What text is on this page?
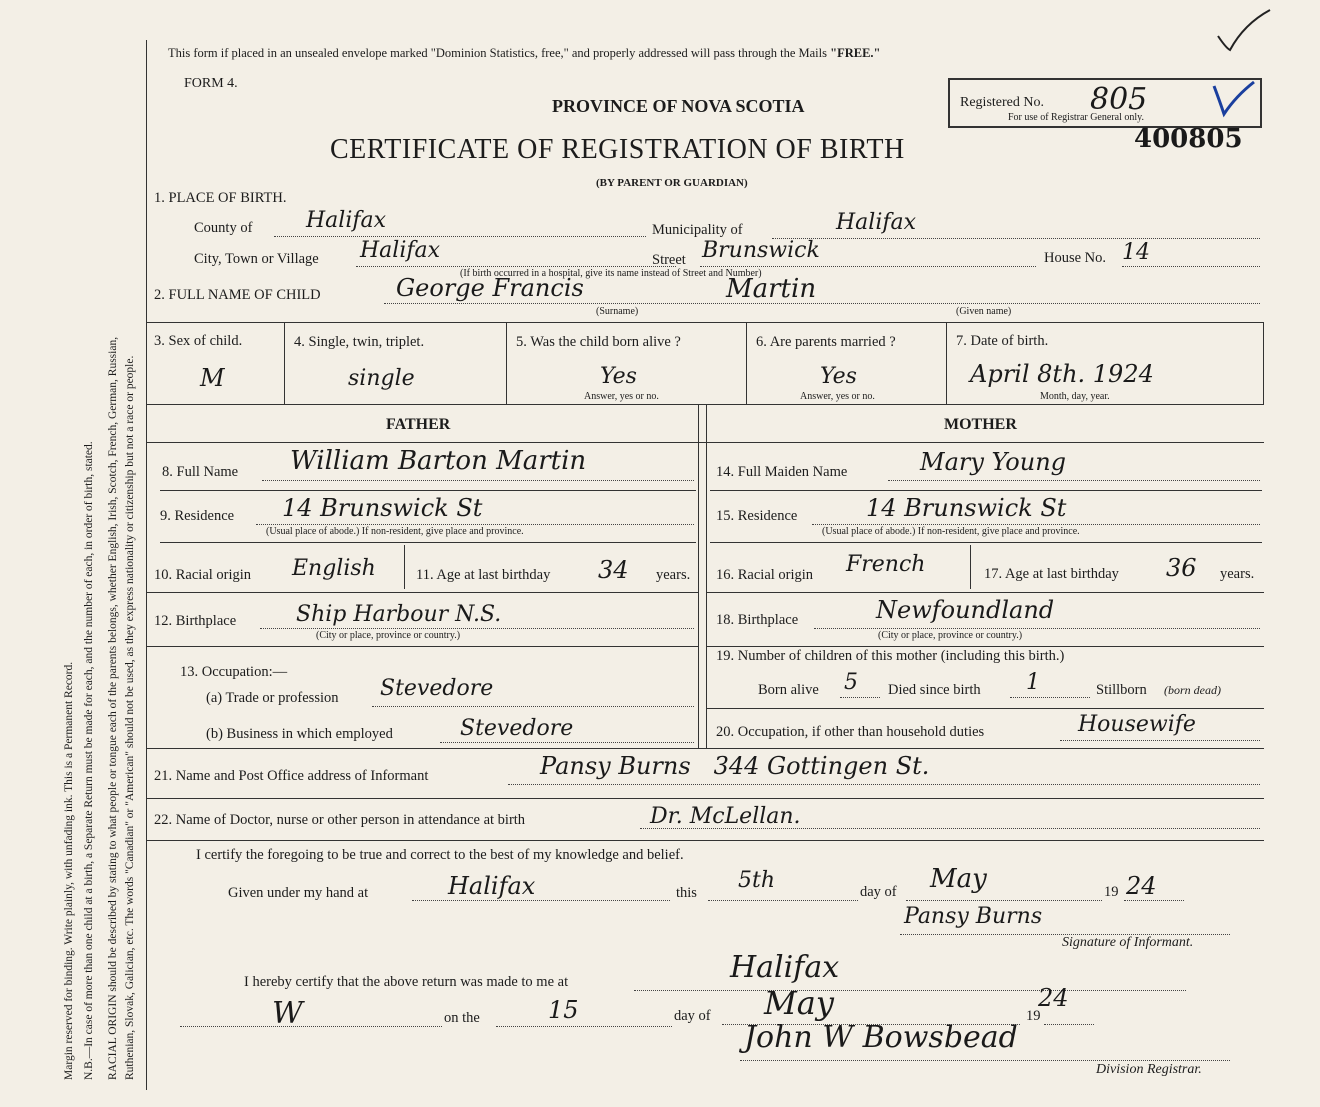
Margin reserved for binding. Write plainly, with unfading ink. This is a Permanent Record. N.B.—In case of more than one child at a birth, a Separate Return must be made for each, and the number of each, in order of birth, stated. RACIAL ORIGIN should be described by stating to what people or tongue each of the parents belongs, whether English, Irish, Scotch, French, German, Russian, Ruthenian, Slovak, Galician, etc. The words "Canadian" or "American" should not be used, as they express nationality or citizenship but not a race or people.
This form if placed in an unsealed envelope marked "Dominion Statistics, free," and properly addressed will pass through the Mails "FREE."
FORM 4.
PROVINCE OF NOVA SCOTIA
CERTIFICATE OF REGISTRATION OF BIRTH
(BY PARENT OR GUARDIAN)
Registered No. 805
For use of Registrar General only.
400805
1. PLACE OF BIRTH.
County of Halifax	Municipality of	Halifax
City, Town or Village Halifax	Street Brunswick	House No. 14
(If birth occurred in a hospital, give its name instead of Street and Number)
2. FULL NAME OF CHILD	George Francis	Martin
(Surname)	(Given name)
3. Sex of child.
M
4. Single, twin, triplet.
single
5. Was the child born alive ?
Yes
Answer, yes or no.
6. Are parents married ?
Yes
Answer, yes or no.
7. Date of birth.
April 8th. 1924
Month, day, year.
FATHER	MOTHER
8. Full Name William Barton Martin	14. Full Maiden Name	Mary Young
9. Residence 14 Brunswick St
(Usual place of abode.) If non-resident, give place and province.
15. Residence	14 Brunswick St
(Usual place of abode.) If non-resident, give place and province.
10. Racial origin English	11. Age at last birthday 34 years. 16. Racial origin French	17. Age at last birthday 36 years.
12. Birthplace	Ship Harbour N.S.
(City or place, province or country.)
18. Birthplace	Newfoundland
(City or place, province or country.)
13. Occupation:—
(a) Trade or profession Stevedore
(b) Business in which employed	Stevedore
19. Number of children of this mother (including this birth.)
Born alive 5 Died since birth 1	Stillborn (born dead)
20. Occupation, if other than household duties	Housewife
21. Name and Post Office address of Informant	Pansy Burns   344 Gottingen St.
22. Name of Doctor, nurse or other person in attendance at birth	Dr. McLellan.
I certify the foregoing to be true and correct to the best of my knowledge and belief.
Given under my hand at	Halifax	this 5th	day of May	19 24
Pansy Burns
Signature of Informant.
I hereby certify that the above return was made to me at	Halifax
W	on the	15	day of May	19
24
John W Bowsbead
Division Registrar.
